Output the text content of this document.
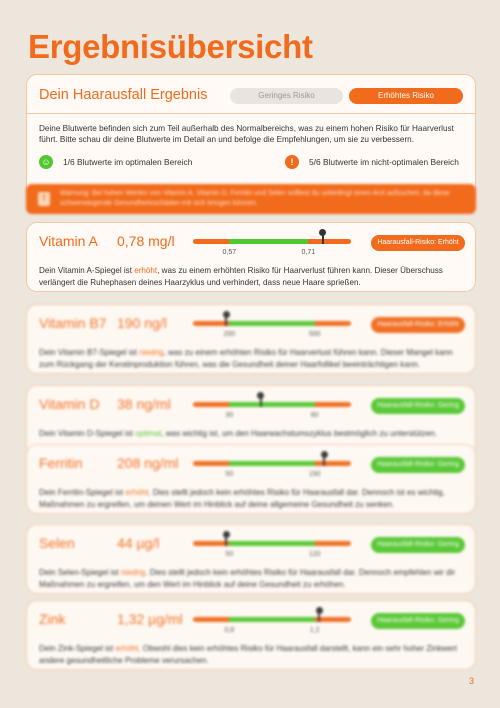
Ergebnisübersicht
Dein Haarausfall Ergebnis	Geringes Risiko	Erhöhtes Risiko
Deine Blutwerte befinden sich zum Teil außerhalb des Normalbereichs, was zu einem hohen Risiko für Haarverlust führt. Bitte schau dir deine Blutwerte im Detail an und befolge die Empfehlungen, um sie zu verbessern.
☺ 1/6 Blutwerte im optimalen Bereich	!	5/6 Blutwerte im nicht-optimalen Bereich
!	Warnung: Bei hohen Werten von Vitamin A, Vitamin D, Ferritin und Selen solltest du unbedingt einen Arzt aufsuchen, da diese schwerwiegende Gesundheitsschäden mit sich bringen können.
Vitamin A 0,78 mg/l
0,57	0,71
Haarausfall-Risiko: Erhöht
Dein Vitamin A-Spiegel ist erhöht, was zu einem erhöhten Risiko für Haarverlust führen kann. Dieser Überschuss verlängert die Ruhephasen deines Haarzyklus und verhindert, dass neue Haare sprießen.
Vitamin B7 190 ng/l
200	500
Haarausfall-Risiko: Erhöht
Dein Vitamin B7-Spiegel ist niedrig, was zu einem erhöhten Risiko für Haarverlust führen kann. Dieser Mangel kann zum Rückgang der Keratinproduktion führen, was die Gesundheit deiner Haarfollikel beeinträchtigen kann.
Vitamin D 38 ng/ml
30	60
Haarausfall-Risiko: Gering
Dein Vitamin D-Spiegel ist optimal, was wichtig ist, um den Haarwachstumszyklus bestmöglich zu unterstützen.
Ferritin 208 ng/ml
50	150
Haarausfall-Risiko: Gering
Dein Ferritin-Spiegel ist erhöht. Dies stellt jedoch kein erhöhtes Risiko für Haarausfall dar. Dennoch ist es wichtig, Maßnahmen zu ergreifen, um deinen Wert im Hinblick auf deine allgemeine Gesundheit zu senken.
Selen	44 µg/l
50	120
Haarausfall-Risiko: Gering
Dein Selen-Spiegel ist niedrig. Dies stellt jedoch kein erhöhtes Risiko für Haarausfall dar. Dennoch empfehlen wir dir Maßnahmen zu ergreifen, um den Wert im Hinblick auf deine Gesundheit zu erhöhen.
Zink	1,32 µg/ml
0,8	1,2
Haarausfall-Risiko: Gering
Dein Zink-Spiegel ist erhöht. Obwohl dies kein erhöhtes Risiko für Haarausfall darstellt, kann ein sehr hoher Zinkwert andere gesundheitliche Probleme verursachen.
3
